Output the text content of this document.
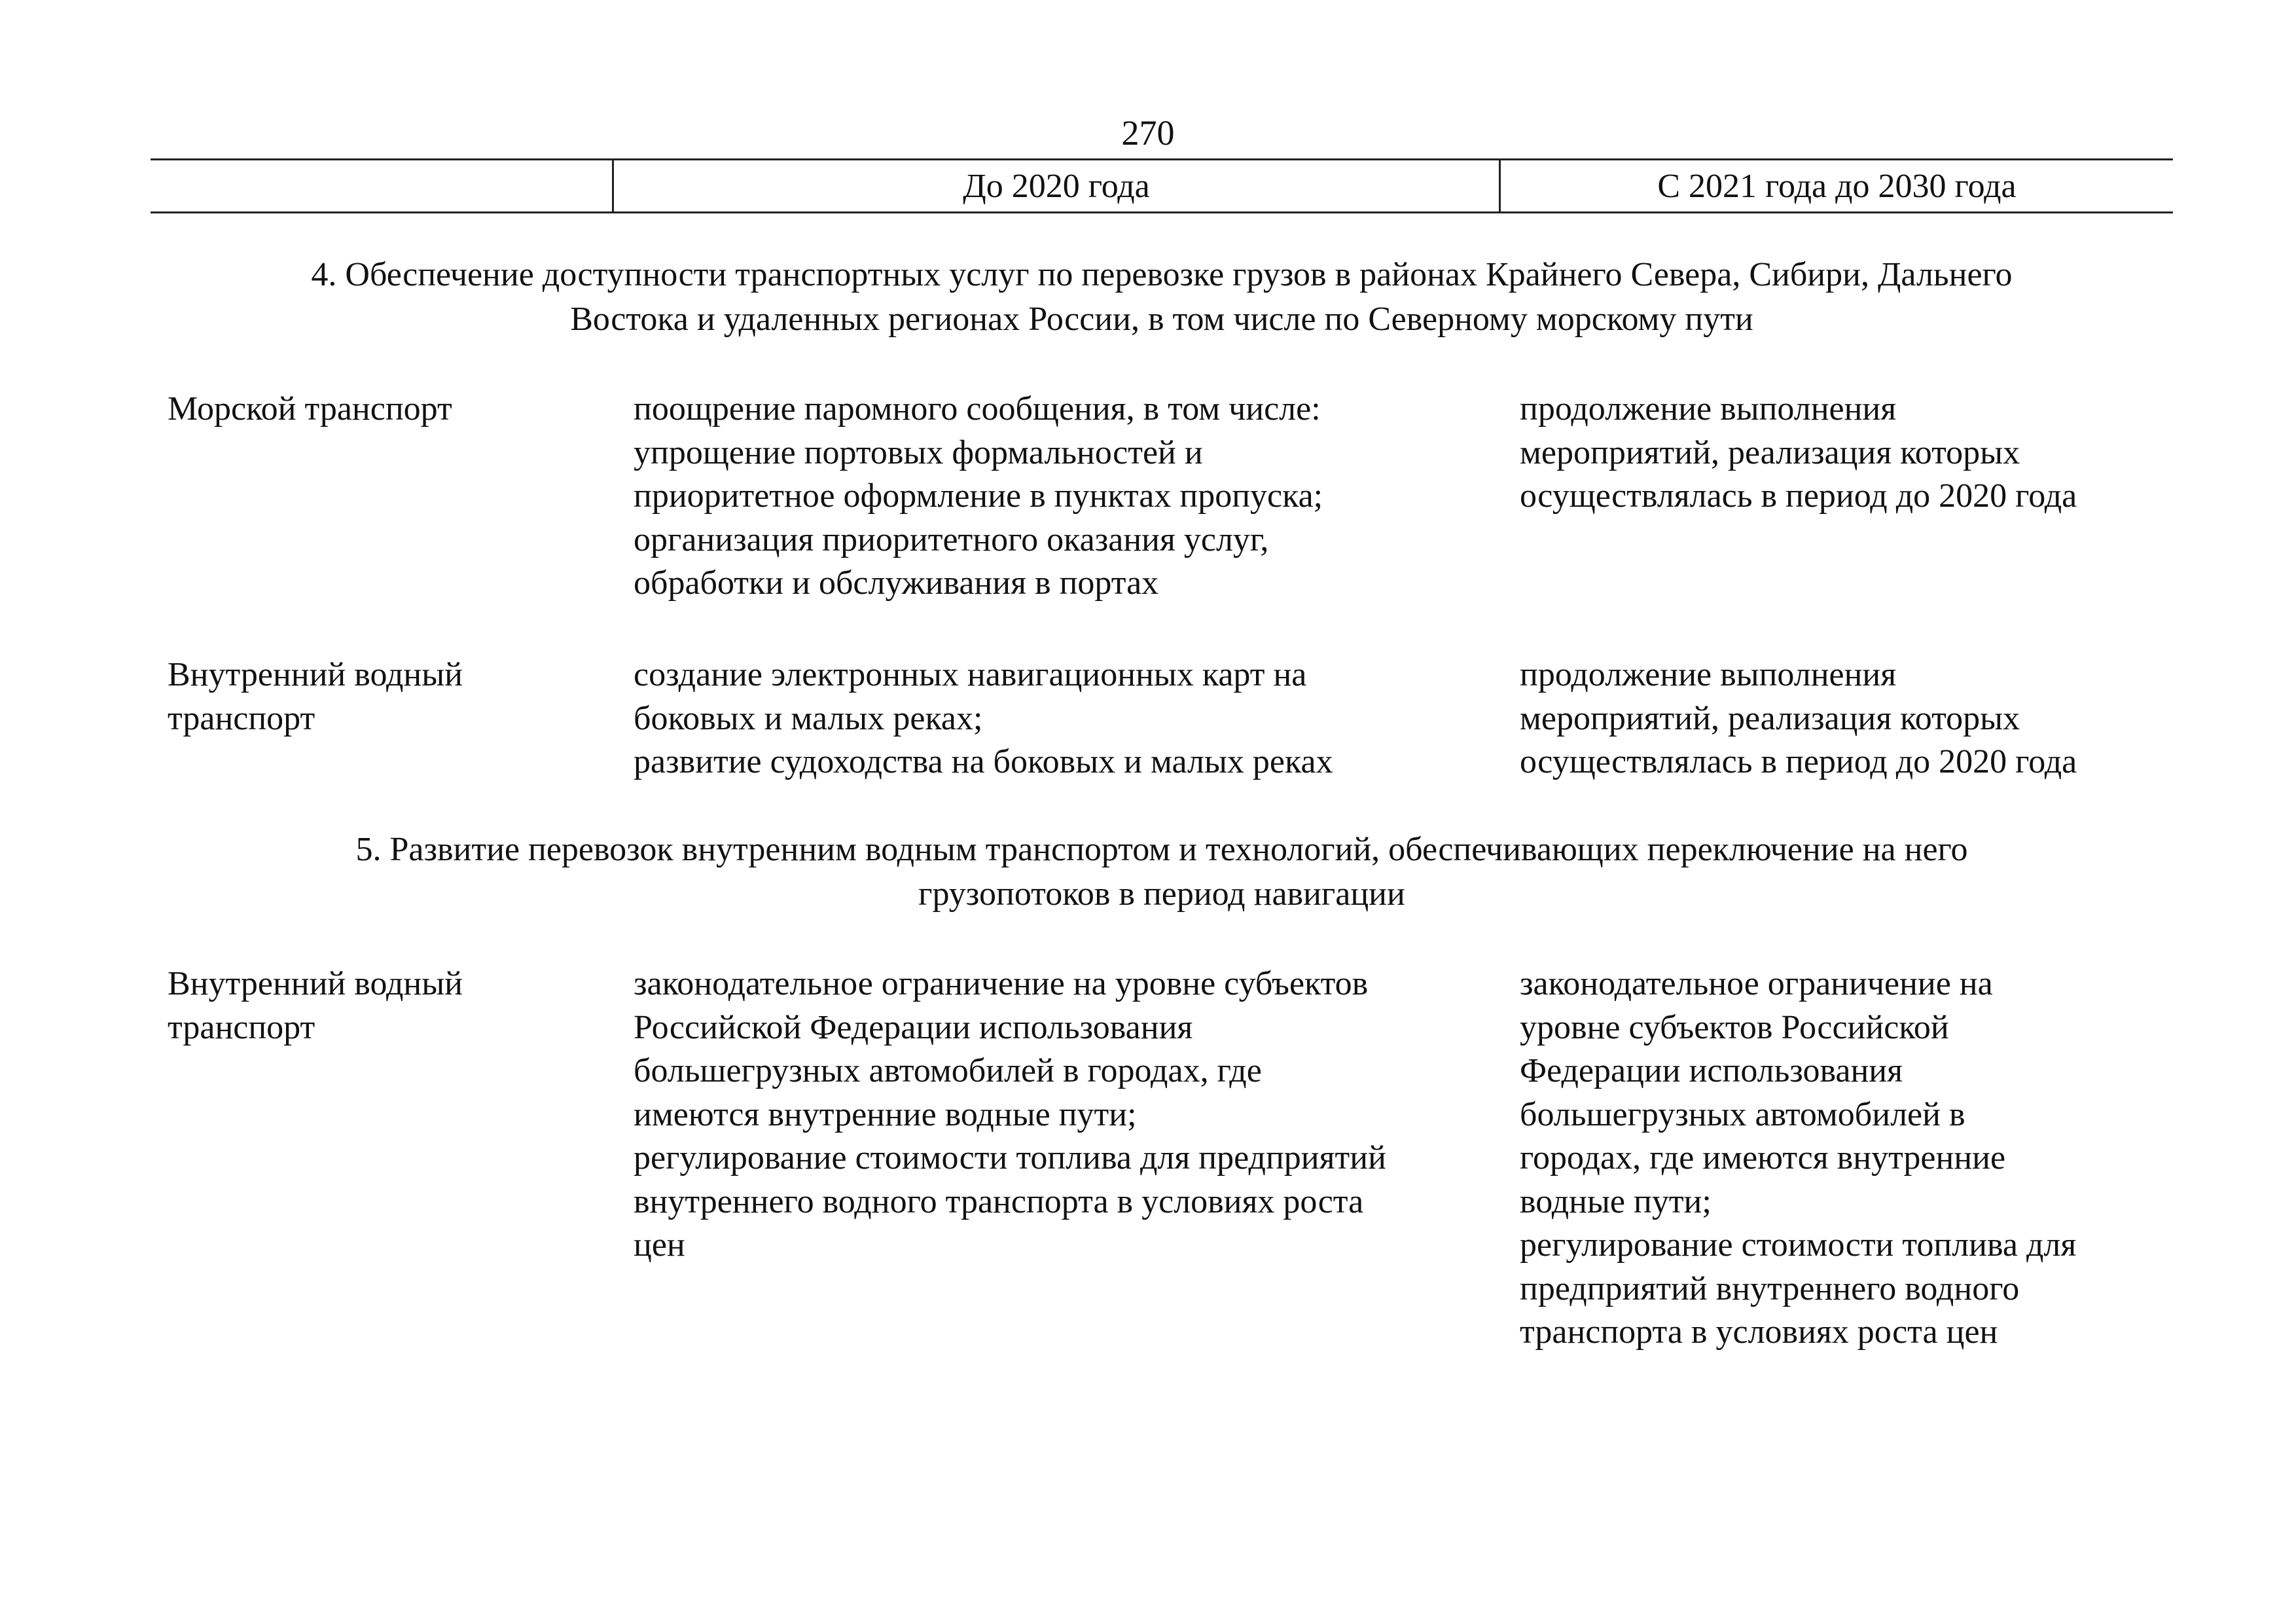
270
До 2020 года	С 2021 года до 2030 года
4. Обеспечение доступности транспортных услуг по перевозке грузов в районах Крайнего Севера, Сибири, Дальнего
Востока и удаленных регионах России, в том числе по Северному морскому пути
Морской транспорт	поощрение паромного сообщения, в том числе:
упрощение портовых формальностей и
приоритетное оформление в пунктах пропуска;
организация приоритетного оказания услуг,
обработки и обслуживания в портах
продолжение выполнения
мероприятий, реализация которых
осуществлялась в период до 2020 года
Внутренний водный
транспорт
создание электронных навигационных карт на
боковых и малых реках;
развитие судоходства на боковых и малых реках
продолжение выполнения
мероприятий, реализация которых
осуществлялась в период до 2020 года
5. Развитие перевозок внутренним водным транспортом и технологий, обеспечивающих переключение на него
грузопотоков в период навигации
Внутренний водный
транспорт
законодательное ограничение на уровне субъектов
Российской Федерации использования
большегрузных автомобилей в городах, где
имеются внутренние водные пути;
регулирование стоимости топлива для предприятий
внутреннего водного транспорта в условиях роста
цен
законодательное ограничение на
уровне субъектов Российской
Федерации использования
большегрузных автомобилей в
городах, где имеются внутренние
водные пути;
регулирование стоимости топлива для
предприятий внутреннего водного
транспорта в условиях роста цен
